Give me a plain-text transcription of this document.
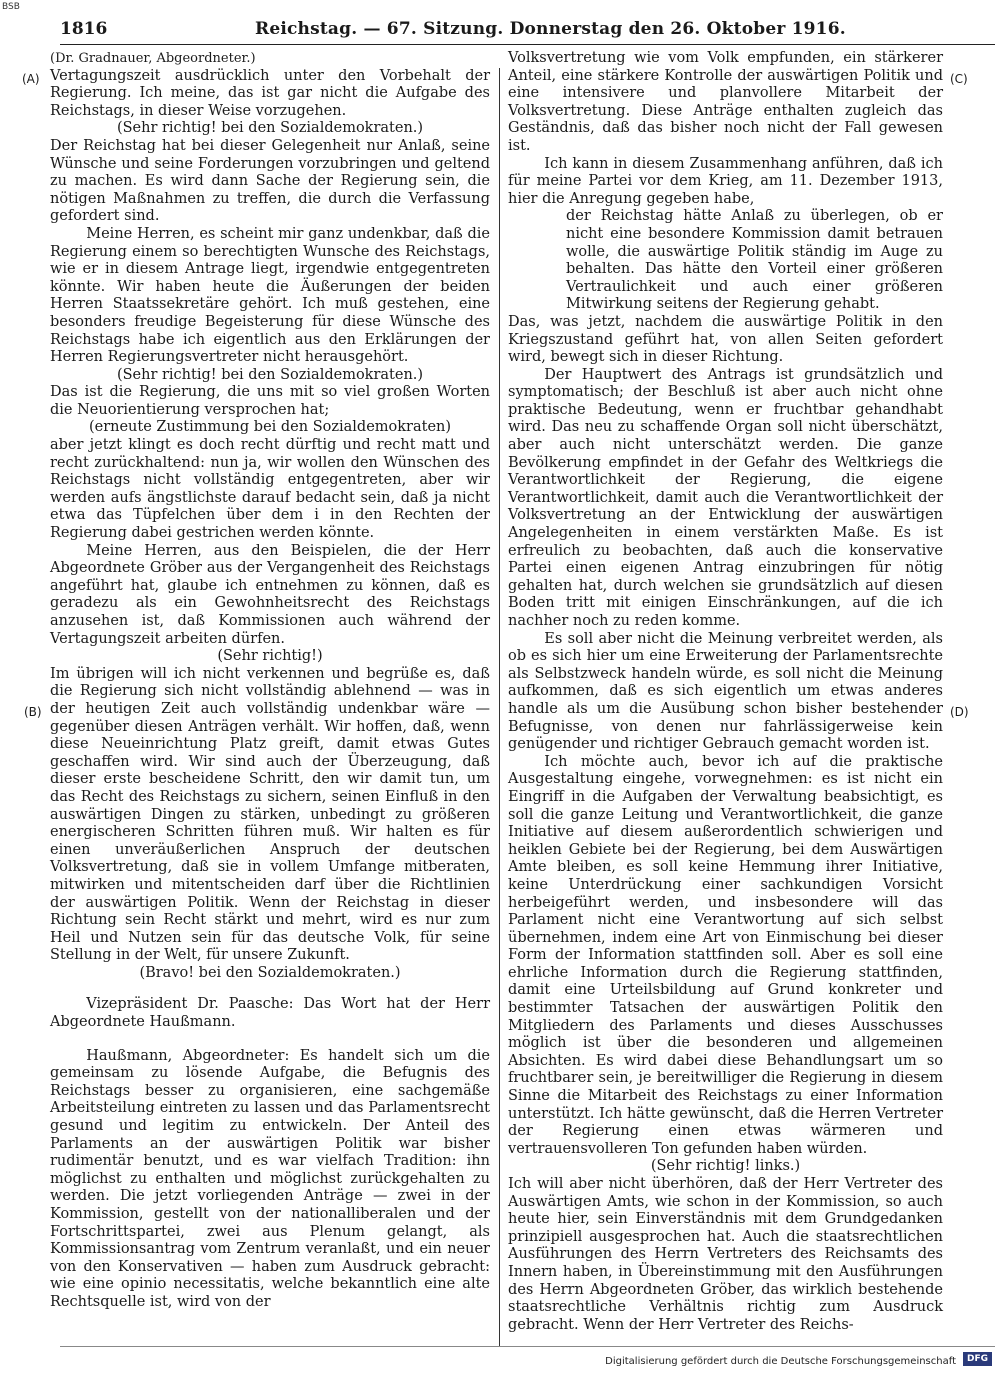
BSB
1816	Reichstag. — 67. Sitzung. Donnerstag den 26. Oktober 1916.
(A)
(B)
(C)
(D)

(Dr. Gradnauer, Abgeordneter.)

Vertagungszeit ausdrücklich unter den Vorbehalt der Regierung. Ich meine, das ist gar nicht die Aufgabe des Reichstags, in dieser Weise vorzugehen.

(Sehr richtig! bei den Sozialdemokraten.)

Der Reichstag hat bei dieser Gelegenheit nur Anlaß, seine Wünsche und seine Forderungen vorzubringen und geltend zu machen. Es wird dann Sache der Regierung sein, die nötigen Maßnahmen zu treffen, die durch die Verfassung gefordert sind.

Meine Herren, es scheint mir ganz undenkbar, daß die Regierung einem so berechtigten Wunsche des Reichstags, wie er in diesem Antrage liegt, irgendwie entgegentreten könnte. Wir haben heute die Äußerungen der beiden Herren Staatssekretäre gehört. Ich muß gestehen, eine besonders freudige Begeisterung für diese Wünsche des Reichstags habe ich eigentlich aus den Erklärungen der Herren Regierungsvertreter nicht herausgehört.

(Sehr richtig! bei den Sozialdemokraten.)

Das ist die Regierung, die uns mit so viel großen Worten die Neuorientierung versprochen hat;

(erneute Zustimmung bei den Sozialdemokraten)

aber jetzt klingt es doch recht dürftig und recht matt und recht zurückhaltend: nun ja, wir wollen den Wünschen des Reichstags nicht vollständig entgegentreten, aber wir werden aufs ängstlichste darauf bedacht sein, daß ja nicht etwa das Tüpfelchen über dem i in den Rechten der Regierung dabei gestrichen werden könnte.

Meine Herren, aus den Beispielen, die der Herr Abgeordnete Gröber aus der Vergangenheit des Reichstags angeführt hat, glaube ich entnehmen zu können, daß es geradezu als ein Gewohnheitsrecht des Reichstags anzusehen ist, daß Kommissionen auch während der Vertagungszeit arbeiten dürfen.

(Sehr richtig!)

Im übrigen will ich nicht verkennen und begrüße es, daß die Regierung sich nicht vollständig ablehnend — was in der heutigen Zeit auch vollständig undenkbar wäre — gegenüber diesen Anträgen verhält. Wir hoffen, daß, wenn diese Neueinrichtung Platz greift, damit etwas Gutes geschaffen wird. Wir sind auch der Überzeugung, daß dieser erste bescheidene Schritt, den wir damit tun, um das Recht des Reichstags zu sichern, seinen Einfluß in den auswärtigen Dingen zu stärken, unbedingt zu größeren energischeren Schritten führen muß. Wir halten es für einen unveräußerlichen Anspruch der deutschen Volksvertretung, daß sie in vollem Umfange mitberaten, mitwirken und mitentscheiden darf über die Richtlinien der auswärtigen Politik. Wenn der Reichstag in dieser Richtung sein Recht stärkt und mehrt, wird es nur zum Heil und Nutzen sein für das deutsche Volk, für seine Stellung in der Welt, für unsere Zukunft.

(Bravo! bei den Sozialdemokraten.)

Vizepräsident Dr. Paasche: Das Wort hat der Herr Abgeordnete Haußmann.

Haußmann, Abgeordneter: Es handelt sich um die gemeinsam zu lösende Aufgabe, die Befugnis des Reichstags besser zu organisieren, eine sachgemäße Arbeitsteilung eintreten zu lassen und das Parlamentsrecht gesund und legitim zu entwickeln. Der Anteil des Parlaments an der auswärtigen Politik war bisher rudimentär benutzt, und es war vielfach Tradition: ihn möglichst zu enthalten und möglichst zurückgehalten zu werden. Die jetzt vorliegenden Anträge — zwei in der Kommission, gestellt von der nationalliberalen und der Fortschrittspartei, zwei aus Plenum gelangt, als Kommissionsantrag vom Zentrum veranlaßt, und ein neuer von den Konservativen — haben zum Ausdruck gebracht: wie eine opinio necessitatis, welche bekanntlich eine alte Rechtsquelle ist, wird von der

Volksvertretung wie vom Volk empfunden, ein stärkerer Anteil, eine stärkere Kontrolle der auswärtigen Politik und eine intensivere und planvollere Mitarbeit der Volksvertretung. Diese Anträge enthalten zugleich das Geständnis, daß das bisher noch nicht der Fall gewesen ist.

Ich kann in diesem Zusammenhang anführen, daß ich für meine Partei vor dem Krieg, am 11. Dezember 1913, hier die Anregung gegeben habe,

der Reichstag hätte Anlaß zu überlegen, ob er nicht eine besondere Kommission damit betrauen wolle, die auswärtige Politik ständig im Auge zu behalten. Das hätte den Vorteil einer größeren Vertraulichkeit und auch einer größeren Mitwirkung seitens der Regierung gehabt.

Das, was jetzt, nachdem die auswärtige Politik in den Kriegszustand geführt hat, von allen Seiten gefordert wird, bewegt sich in dieser Richtung.

Der Hauptwert des Antrags ist grundsätzlich und symptomatisch; der Beschluß ist aber auch nicht ohne praktische Bedeutung, wenn er fruchtbar gehandhabt wird. Das neu zu schaffende Organ soll nicht überschätzt, aber auch nicht unterschätzt werden. Die ganze Bevölkerung empfindet in der Gefahr des Weltkriegs die Verantwortlichkeit der Regierung, die eigene Verantwortlichkeit, damit auch die Verantwortlichkeit der Volksvertretung an der Entwicklung der auswärtigen Angelegenheiten in einem verstärkten Maße. Es ist erfreulich zu beobachten, daß auch die konservative Partei einen eigenen Antrag einzubringen für nötig gehalten hat, durch welchen sie grundsätzlich auf diesen Boden tritt mit einigen Einschränkungen, auf die ich nachher noch zu reden komme.

Es soll aber nicht die Meinung verbreitet werden, als ob es sich hier um eine Erweiterung der Parlamentsrechte als Selbstzweck handeln würde, es soll nicht die Meinung aufkommen, daß es sich eigentlich um etwas anderes handle als um die Ausübung schon bisher bestehender Befugnisse, von denen nur fahrlässigerweise kein genügender und richtiger Gebrauch gemacht worden ist.

Ich möchte auch, bevor ich auf die praktische Ausgestaltung eingehe, vorwegnehmen: es ist nicht ein Eingriff in die Aufgaben der Verwaltung beabsichtigt, es soll die ganze Leitung und Verantwortlichkeit, die ganze Initiative auf diesem außerordentlich schwierigen und heiklen Gebiete bei der Regierung, bei dem Auswärtigen Amte bleiben, es soll keine Hemmung ihrer Initiative, keine Unterdrückung einer sachkundigen Vorsicht herbeigeführt werden, und insbesondere will das Parlament nicht eine Verantwortung auf sich selbst übernehmen, indem eine Art von Einmischung bei dieser Form der Information stattfinden soll. Aber es soll eine ehrliche Information durch die Regierung stattfinden, damit eine Urteilsbildung auf Grund konkreter und bestimmter Tatsachen der auswärtigen Politik den Mitgliedern des Parlaments und dieses Ausschusses möglich ist über die besonderen und allgemeinen Absichten. Es wird dabei diese Behandlungsart um so fruchtbarer sein, je bereitwilliger die Regierung in diesem Sinne die Mitarbeit des Reichstags zu einer Information unterstützt. Ich hätte gewünscht, daß die Herren Vertreter der Regierung einen etwas wärmeren und vertrauensvolleren Ton gefunden haben würden.

(Sehr richtig! links.)

Ich will aber nicht überhören, daß der Herr Vertreter des Auswärtigen Amts, wie schon in der Kommission, so auch heute hier, sein Einverständnis mit dem Grundgedanken prinzipiell ausgesprochen hat. Auch die staatsrechtlichen Ausführungen des Herrn Vertreters des Reichsamts des Innern haben, in Übereinstimmung mit den Ausführungen des Herrn Abgeordneten Gröber, das wirklich bestehende staatsrechtliche Verhältnis richtig zum Ausdruck gebracht. Wenn der Herr Vertreter des Reichs-

Digitalisierung gefördert durch die Deutsche Forschungsgemeinschaft	DFG
